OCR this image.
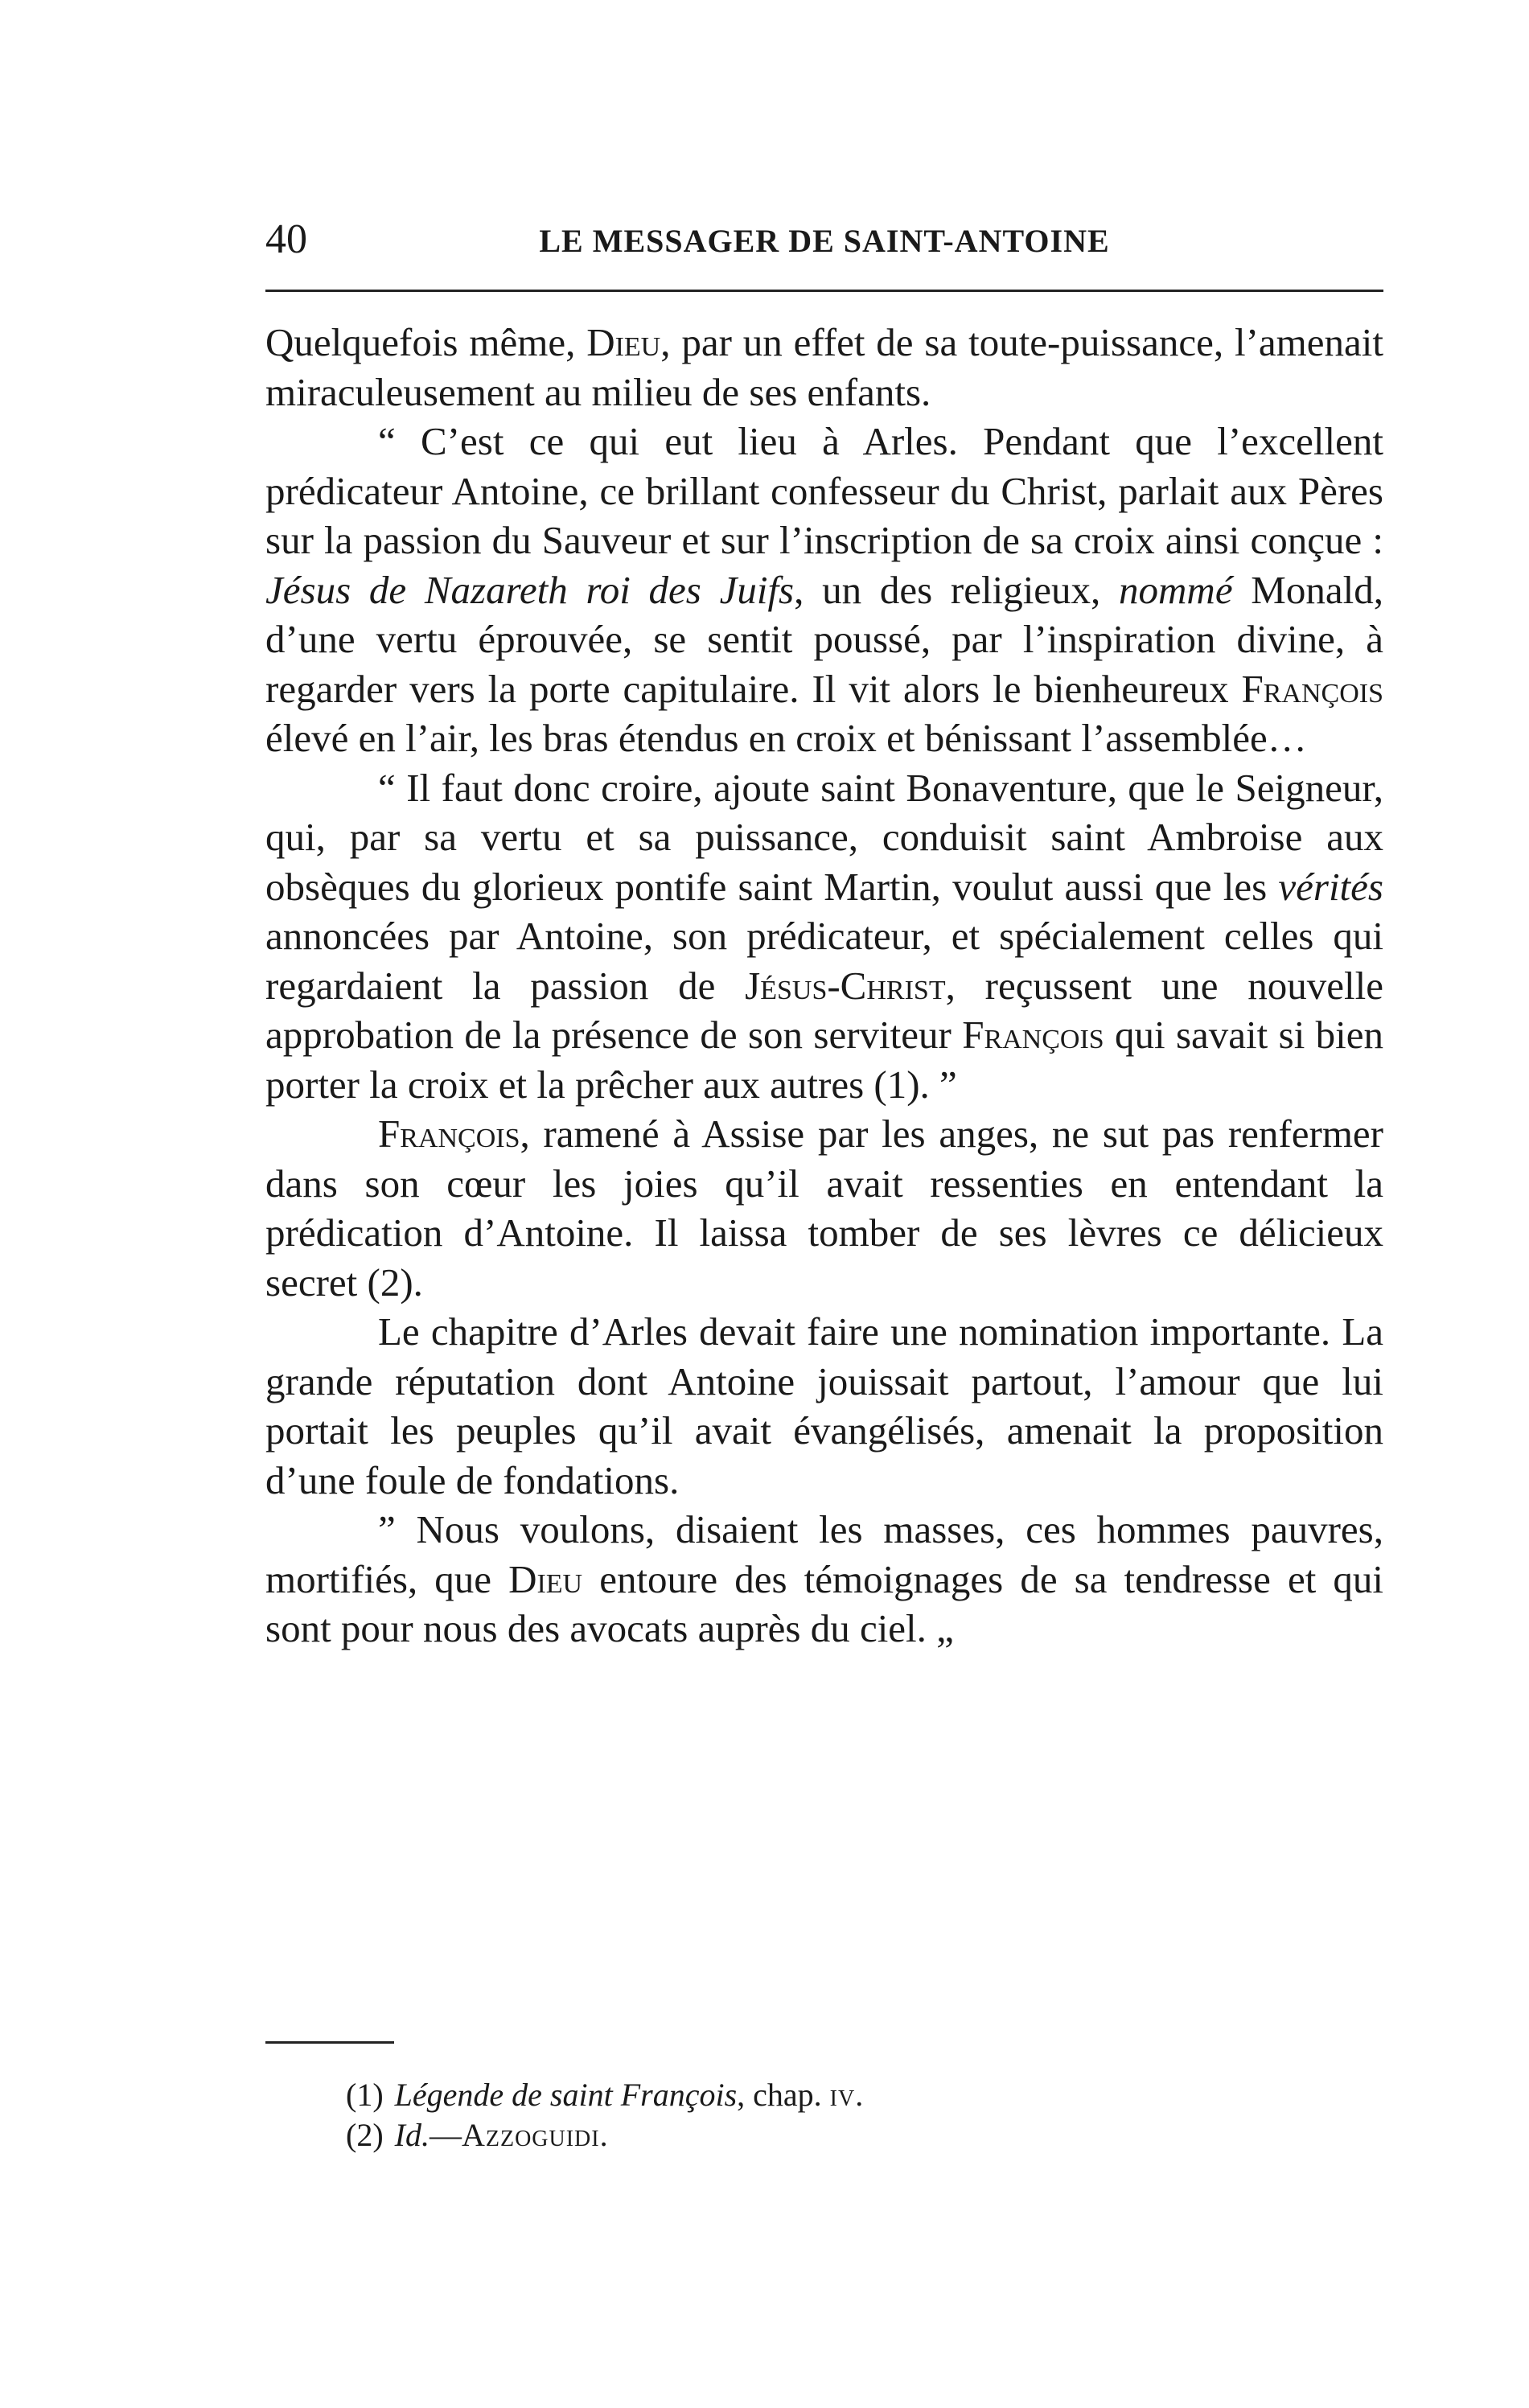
40	LE MESSAGER DE SAINT-ANTOINE

Quelquefois même, Dieu, par un effet de sa toute-puissance, l’amenait miraculeusement au milieu de ses enfants.

“ C’est ce qui eut lieu à Arles. Pendant que l’excellent prédicateur Antoine, ce brillant confesseur du Christ, parlait aux Pères sur la passion du Sauveur et sur l’inscription de sa croix ainsi conçue : Jésus de Nazareth roi des Juifs, un des religieux, nommé Monald, d’une vertu éprouvée, se sentit poussé, par l’inspiration divine, à regarder vers la porte capitulaire. Il vit alors le bienheureux François élevé en l’air, les bras étendus en croix et bénissant l’assemblée…

“ Il faut donc croire, ajoute saint Bonaventure, que le Seigneur, qui, par sa vertu et sa puissance, conduisit saint Ambroise aux obsèques du glorieux pontife saint Martin, voulut aussi que les vérités annoncées par Antoine, son prédicateur, et spécialement celles qui regardaient la passion de Jésus-Christ, reçussent une nouvelle approbation de la présence de son serviteur François qui savait si bien porter la croix et la prêcher aux autres (1). ”

François, ramené à Assise par les anges, ne sut pas renfermer dans son cœur les joies qu’il avait ressenties en entendant la prédication d’Antoine. Il laissa tomber de ses lèvres ce délicieux secret (2).

Le chapitre d’Arles devait faire une nomination importante. La grande réputation dont Antoine jouissait partout, l’amour que lui portait les peuples qu’il avait évangélisés, amenait la proposition d’une foule de fondations.

” Nous voulons, disaient les masses, ces hommes pauvres, mortifiés, que Dieu entoure des témoignages de sa tendresse et qui sont pour nous des avocats auprès du ciel. „

(1) Légende de saint François, chap. iv.

(2) Id.—Azzoguidi.
